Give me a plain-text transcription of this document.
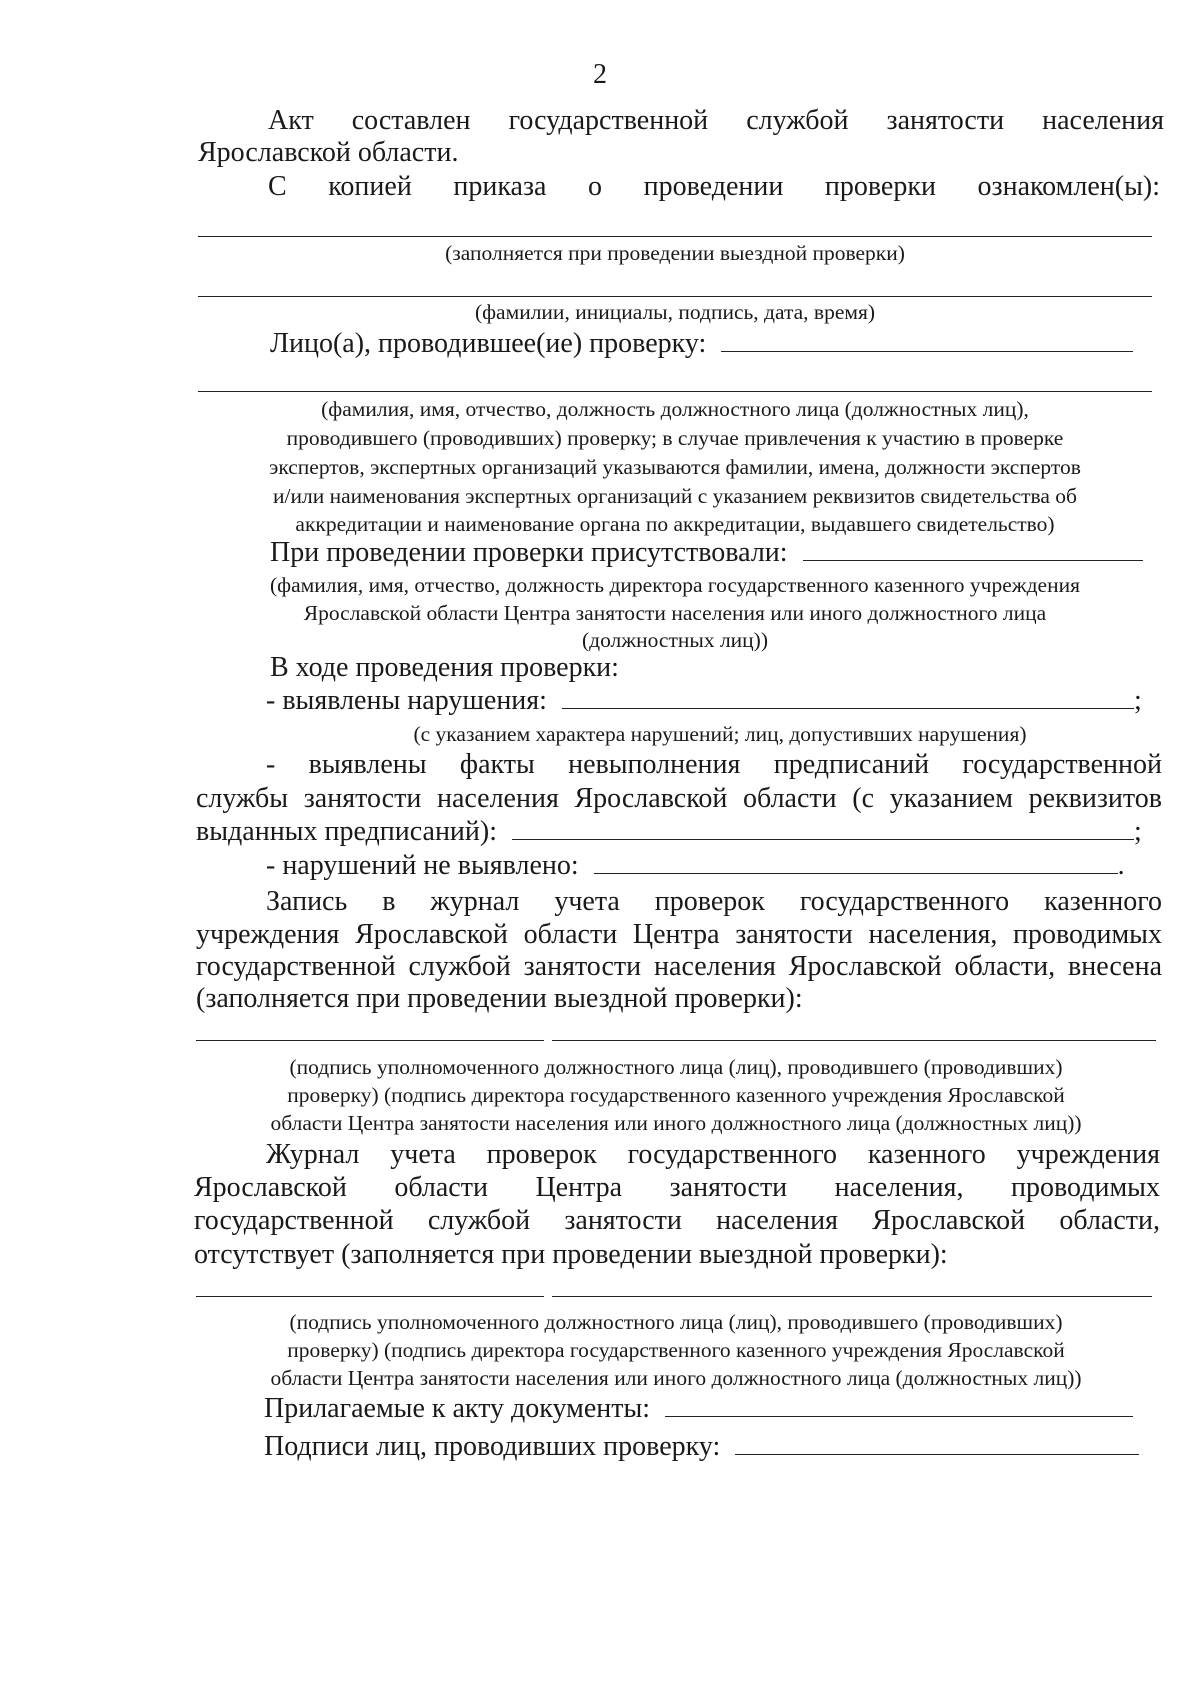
2
Акт составлен государственной службой занятости населения
Ярославской области.
С копией приказа о проведении проверки ознакомлен(ы):
(заполняется при проведении выездной проверки)
(фамилии, инициалы, подпись, дата, время)
Лицо(а), проводившее(ие) проверку:
(фамилия, имя, отчество, должность должностного лица (должностных лиц),
проводившего (проводивших) проверку; в случае привлечения к участию в проверке
экспертов, экспертных организаций указываются фамилии, имена, должности экспертов
и/или наименования экспертных организаций с указанием реквизитов свидетельства об
аккредитации и наименование органа по аккредитации, выдавшего свидетельство)
При проведении проверки присутствовали:
(фамилия, имя, отчество, должность директора государственного казенного учреждения
Ярославской области Центра занятости населения или иного должностного лица
(должностных лиц))
В ходе проведения проверки:
- выявлены нарушения:	;
(с указанием характера нарушений; лиц, допустивших нарушения)
- выявлены факты невыполнения предписаний государственной
службы занятости населения Ярославской области (с указанием реквизитов
выданных предписаний):	;
- нарушений не выявлено:	.
Запись в журнал учета проверок государственного казенного
учреждения Ярославской области Центра занятости населения, проводимых
государственной службой занятости населения Ярославской области, внесена
(заполняется при проведении выездной проверки):
(подпись уполномоченного должностного лица (лиц), проводившего (проводивших)
проверку) (подпись директора государственного казенного учреждения Ярославской
области Центра занятости населения или иного должностного лица (должностных лиц))
Журнал учета проверок государственного казенного учреждения
Ярославской области Центра занятости населения, проводимых
государственной службой занятости населения Ярославской области,
отсутствует (заполняется при проведении выездной проверки):
(подпись уполномоченного должностного лица (лиц), проводившего (проводивших)
проверку) (подпись директора государственного казенного учреждения Ярославской
области Центра занятости населения или иного должностного лица (должностных лиц))
Прилагаемые к акту документы:
Подписи лиц, проводивших проверку:
